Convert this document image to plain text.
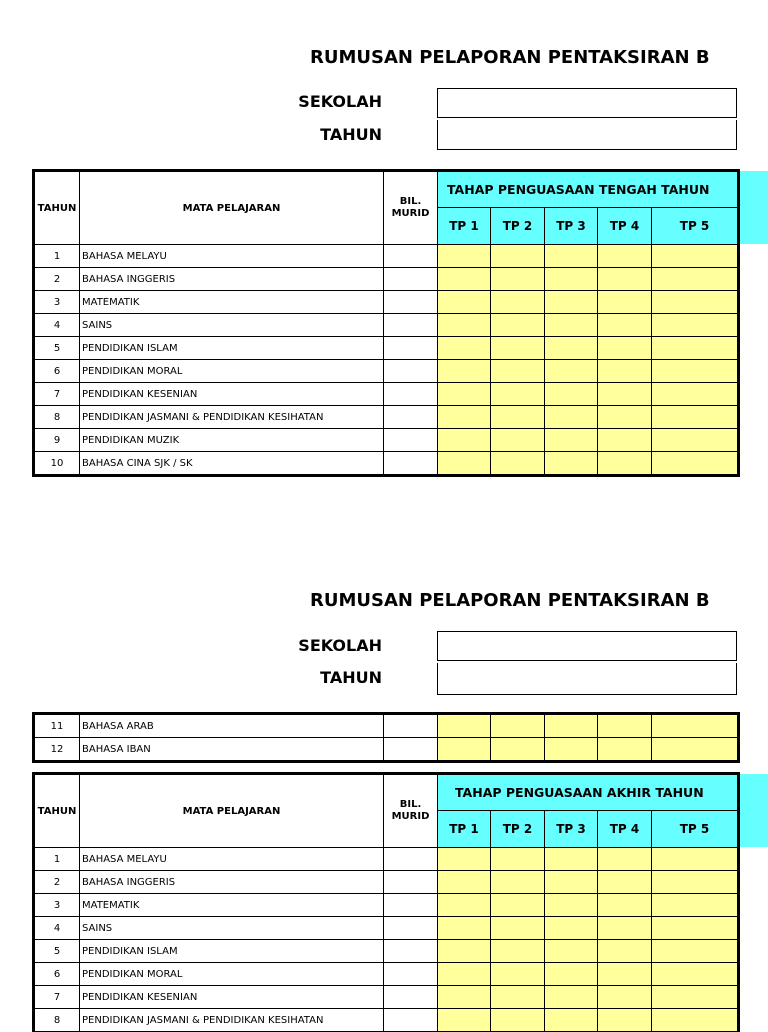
RUMUSAN PELAPORAN PENTAKSIRAN B
SEKOLAH
TAHUN
TAHUN	MATA PELAJARAN	BIL. MURID	TAHAP PENGUASAAN TENGAH TAHUN				
			TP 1	TP 2	TP 3	TP 4	TP 5
1	BAHASA MELAYU						
2	BAHASA INGGERIS						
3	MATEMATIK						
4	SAINS						
5	PENDIDIKAN ISLAM						
6	PENDIDIKAN MORAL						
7	PENDIDIKAN KESENIAN						
8	PENDIDIKAN JASMANI & PENDIDIKAN KESIHATAN						
9	PENDIDIKAN MUZIK						
10	BAHASA CINA SJK / SK						
RUMUSAN PELAPORAN PENTAKSIRAN B
SEKOLAH
TAHUN
11	BAHASA ARAB						
12	BAHASA IBAN						
TAHUN	MATA PELAJARAN	BIL. MURID	TAHAP PENGUASAAN AKHIR TAHUN				
			TP 1	TP 2	TP 3	TP 4	TP 5
1	BAHASA MELAYU						
2	BAHASA INGGERIS						
3	MATEMATIK						
4	SAINS						
5	PENDIDIKAN ISLAM						
6	PENDIDIKAN MORAL						
7	PENDIDIKAN KESENIAN						
8	PENDIDIKAN JASMANI & PENDIDIKAN KESIHATAN						
